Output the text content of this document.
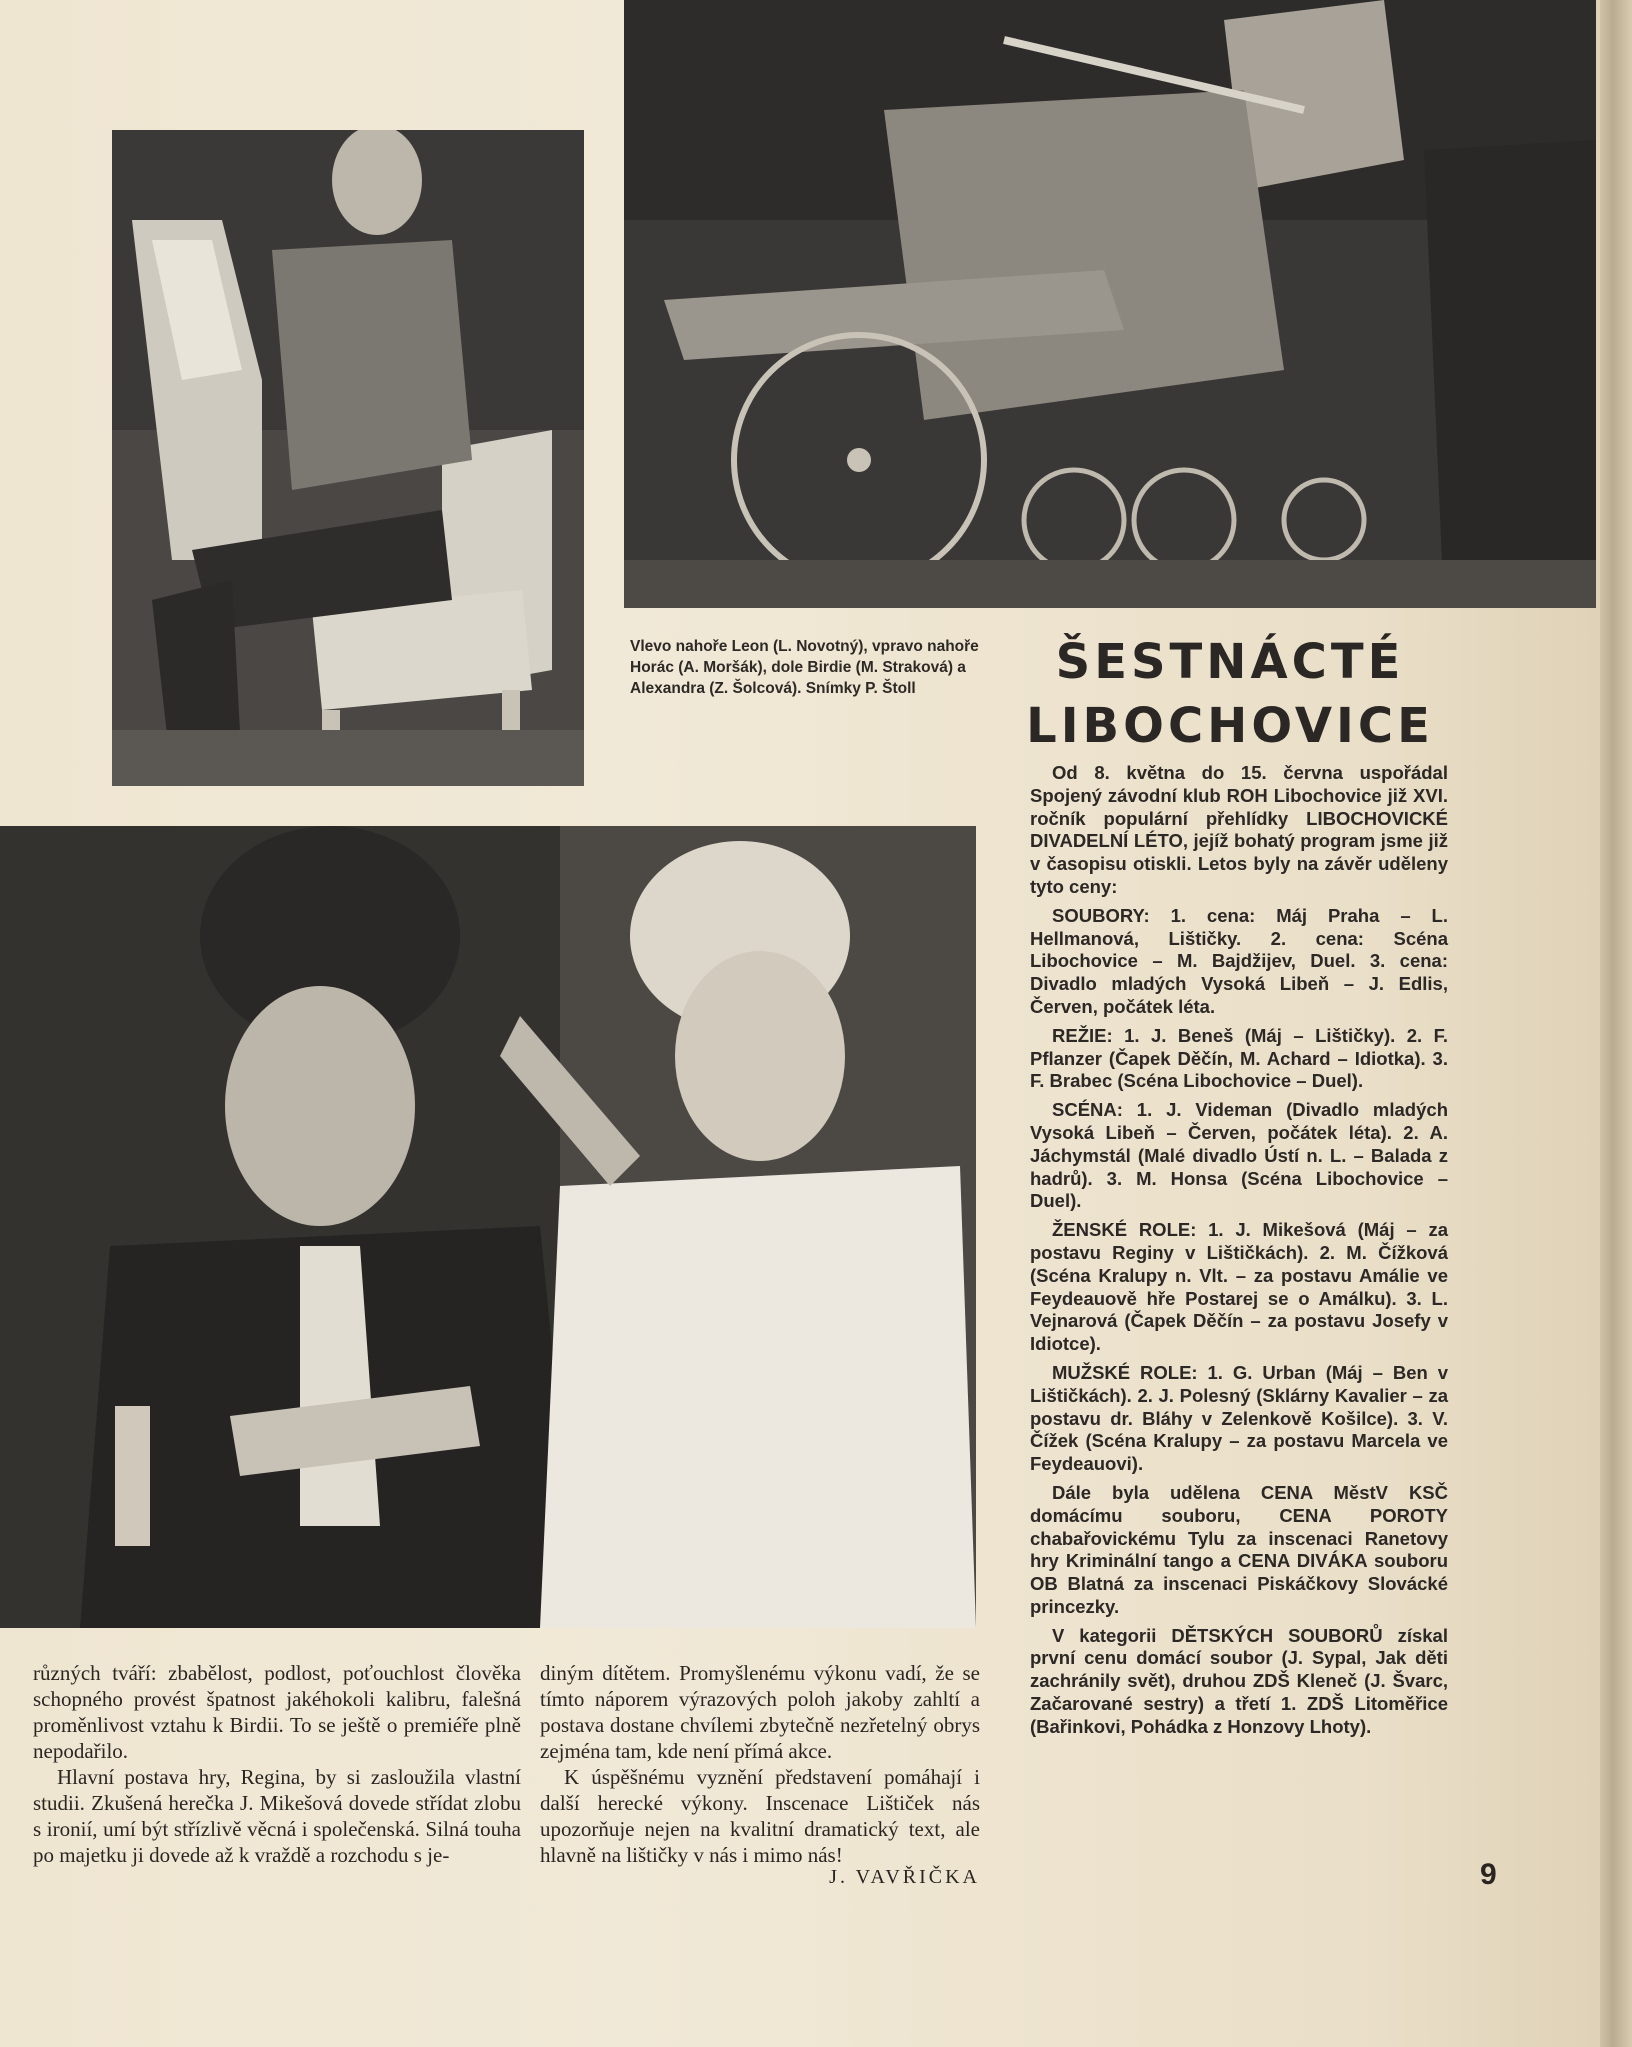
Vlevo nahoře Leon (L. Novotný), vpravo nahoře Horác (A. Moršák), dole Birdie (M. Straková) a Alexandra (Z. Šolcová). Snímky P. Štoll	ŠESTNÁCTÉ
LIBOCHOVICE

Od 8. května do 15. června uspořádal Spojený závodní klub ROH Libochovice již XVI. ročník populární přehlídky LIBOCHOVICKÉ DIVADELNÍ LÉTO, jejíž bohatý program jsme již v časopisu otiskli. Letos byly na závěr uděleny tyto ceny:

SOUBORY: 1. cena: Máj Praha – L. Hellmanová, Lištičky. 2. cena: Scéna Libochovice – M. Bajdžijev, Duel. 3. cena: Divadlo mladých Vysoká Libeň – J. Edlis, Červen, počátek léta.

REŽIE: 1. J. Beneš (Máj – Lištičky). 2. F. Pflanzer (Čapek Děčín, M. Achard – Idiotka). 3. F. Brabec (Scéna Libochovice – Duel).

SCÉNA: 1. J. Videman (Divadlo mladých Vysoká Libeň – Červen, počátek léta). 2. A. Jáchymstál (Malé divadlo Ústí n. L. – Balada z hadrů). 3. M. Honsa (Scéna Libochovice – Duel).

ŽENSKÉ ROLE: 1. J. Mikešová (Máj – za postavu Reginy v Lištičkách). 2. M. Čížková (Scéna Kralupy n. Vlt. – za postavu Amálie ve Feydeauově hře Postarej se o Amálku). 3. L. Vejnarová (Čapek Děčín – za postavu Josefy v Idiotce).

MUŽSKÉ ROLE: 1. G. Urban (Máj – Ben v Lištičkách). 2. J. Polesný (Sklárny Kavalier – za postavu dr. Bláhy v Zelenkově Košilce). 3. V. Čížek (Scéna Kralupy – za postavu Marcela ve Feydeauovi).

Dále byla udělena CENA MěstV KSČ domácímu souboru, CENA POROTY chabařovickému Tylu za inscenaci Ranetovy hry Kriminální tango a CENA DIVÁKA souboru OB Blatná za inscenaci Piskáčkovy Slovácké princezky.

V kategorii DĚTSKÝCH SOUBORŮ získal první cenu domácí soubor (J. Sypal, Jak děti zachránily svět), druhou ZDŠ Kleneč (J. Švarc, Začarované sestry) a třetí 1. ZDŠ Litoměřice (Bařinkovi, Pohádka z Honzovy Lhoty).

různých tváří: zbabělost, podlost, poťouchlost člověka schopného provést špatnost jakéhokoli kalibru, falešná proměnlivost vztahu k Birdii. To se ještě o premiéře plně nepodařilo.

Hlavní postava hry, Regina, by si zasloužila vlastní studii. Zkušená herečka J. Mikešová dovede střídat zlobu s ironií, umí být střízlivě věcná i společenská. Silná touha po majetku ji dovede až k vraždě a rozchodu s je-

diným dítětem. Promyšlenému výkonu vadí, že se tímto náporem výrazových poloh jakoby zahltí a postava dostane chvílemi zbytečně nezřetelný obrys zejména tam, kde není přímá akce.

K úspěšnému vyznění představení pomáhají i další herecké výkony. Inscenace Lištiček nás upozorňuje nejen na kvalitní dramatický text, ale hlavně na lištičky v nás i mimo nás!

J. VAVŘIČKA	9
